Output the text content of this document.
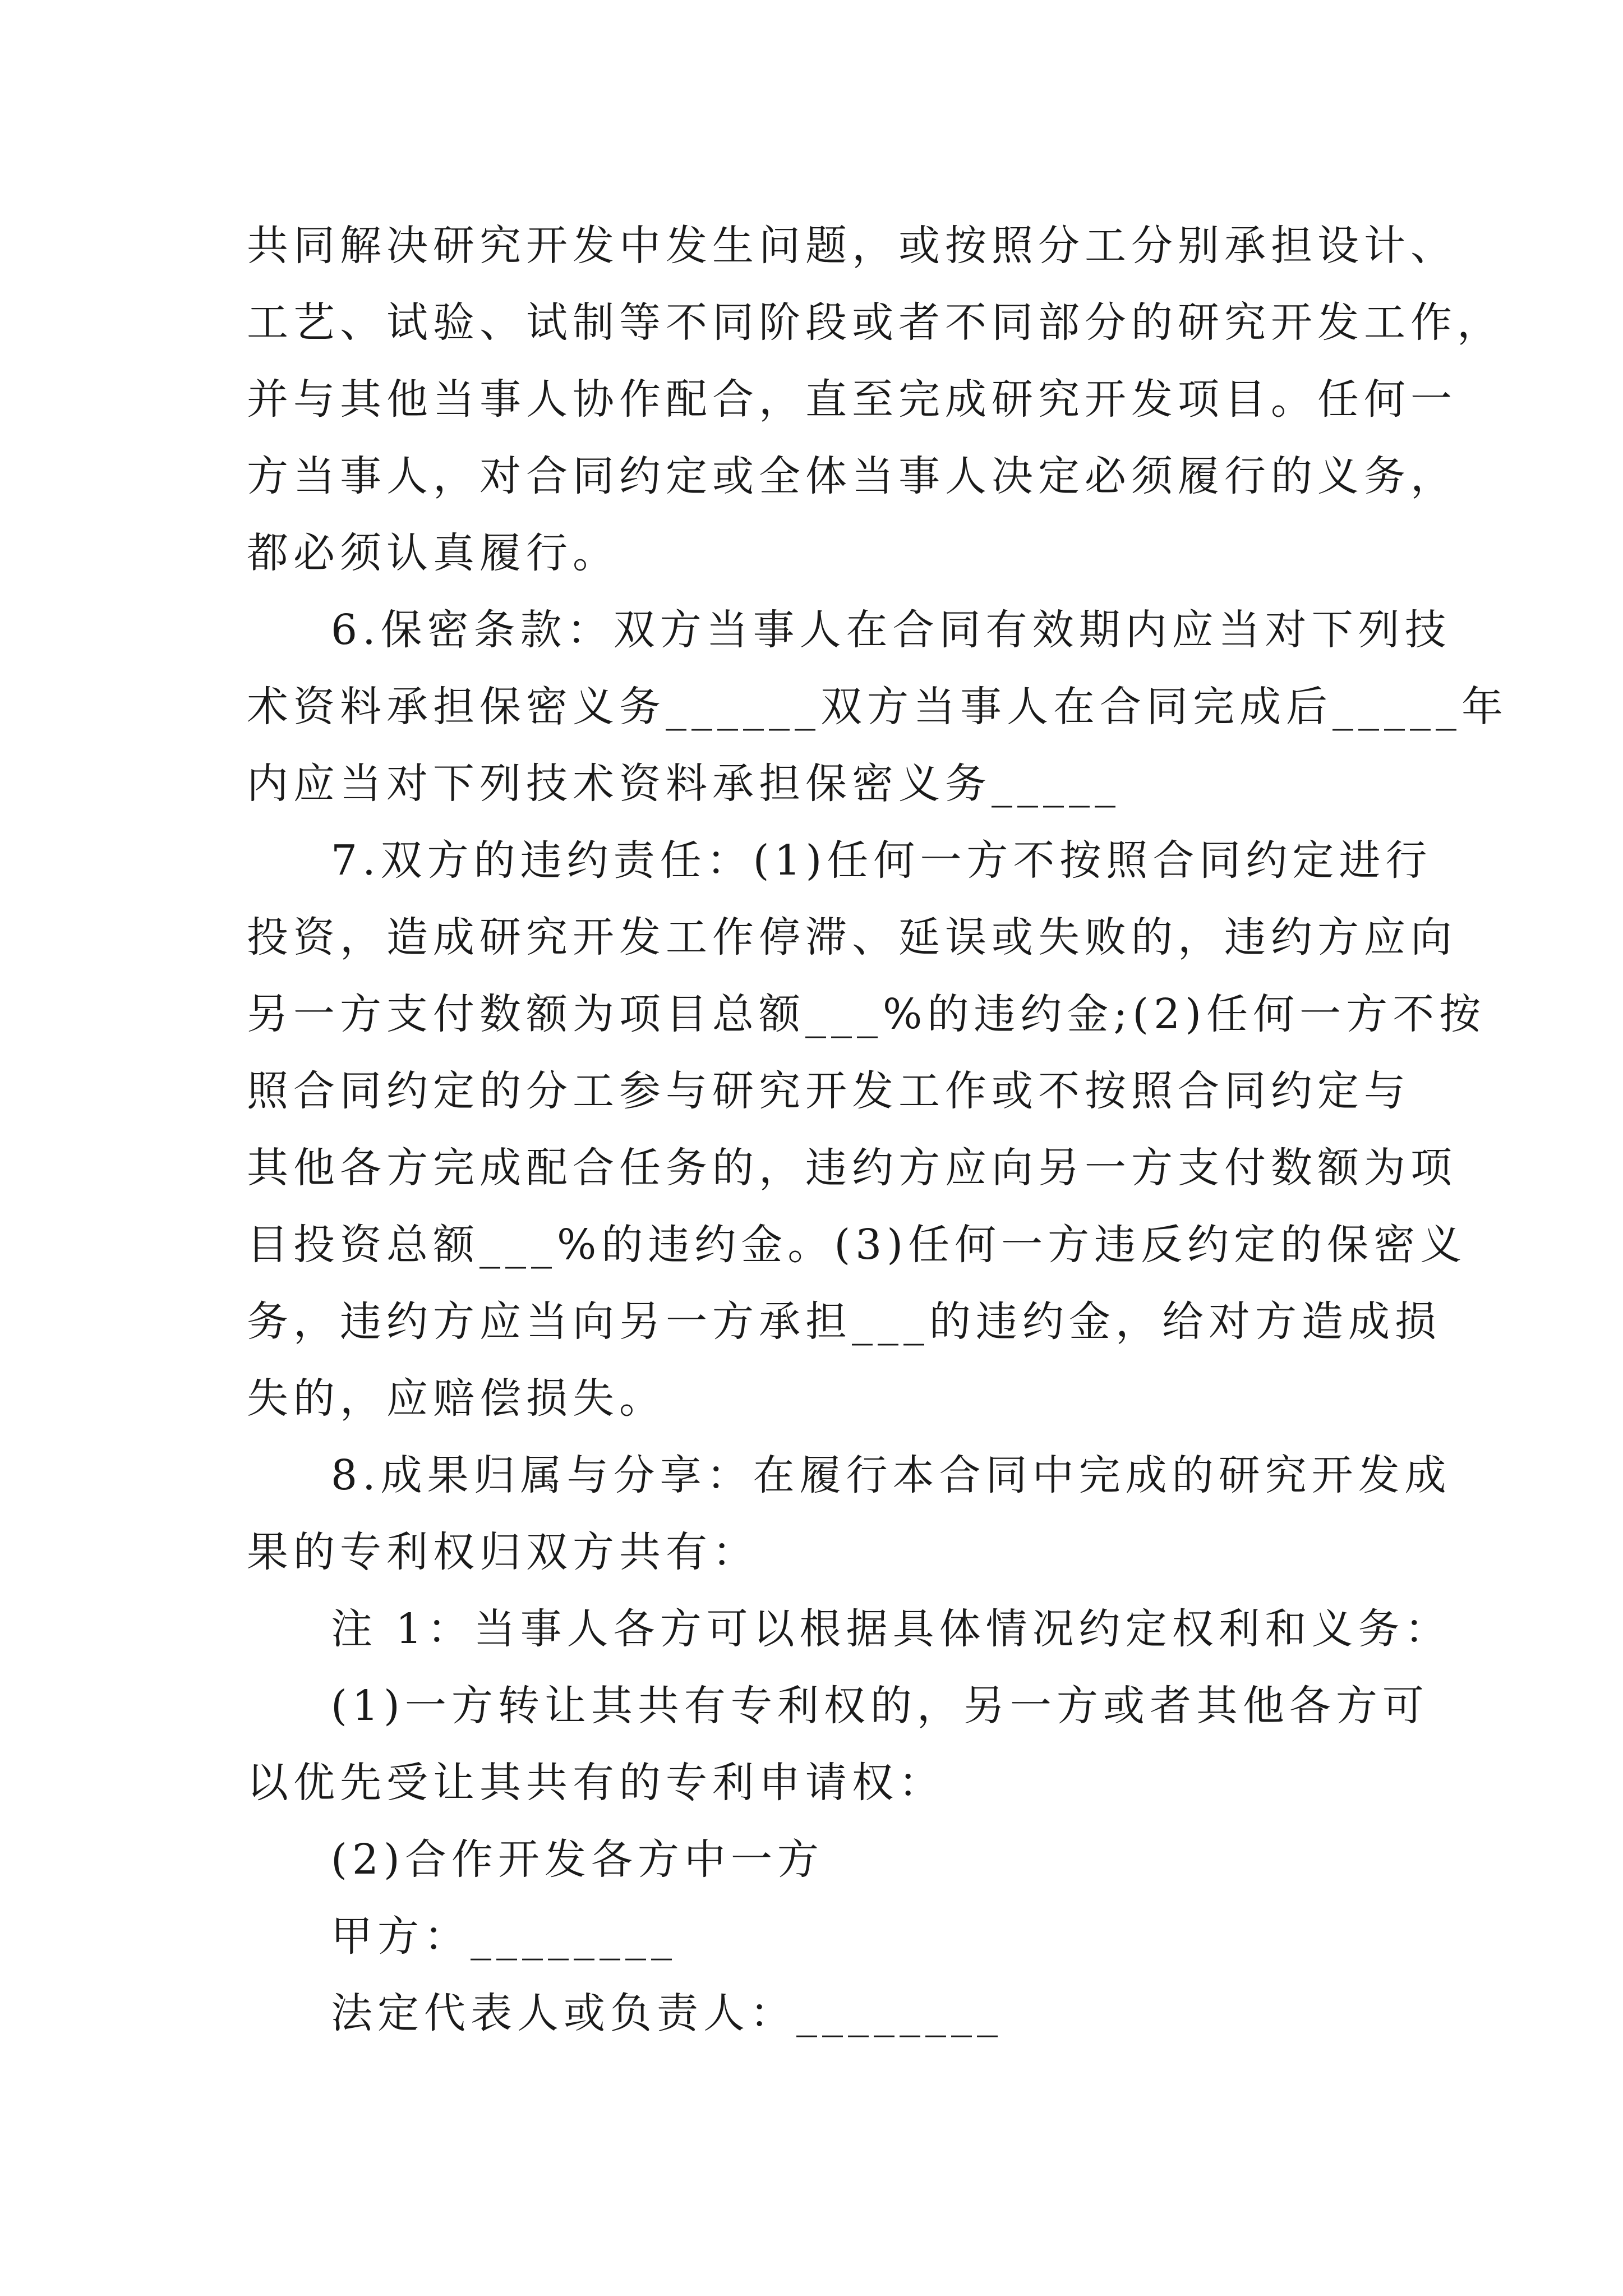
共同解决研究开发中发生问题，或按照分工分别承担设计、
工艺、试验、试制等不同阶段或者不同部分的研究开发工作，
并与其他当事人协作配合，直至完成研究开发项目。任何一
方当事人，对合同约定或全体当事人决定必须履行的义务，
都必须认真履行。
6.保密条款：双方当事人在合同有效期内应当对下列技
术资料承担保密义务______双方当事人在合同完成后_____年
内应当对下列技术资料承担保密义务_____
7.双方的违约责任：(1)任何一方不按照合同约定进行
投资，造成研究开发工作停滞、延误或失败的，违约方应向
另一方支付数额为项目总额___%的违约金;(2)任何一方不按
照合同约定的分工参与研究开发工作或不按照合同约定与
其他各方完成配合任务的，违约方应向另一方支付数额为项
目投资总额___%的违约金。(3)任何一方违反约定的保密义
务，违约方应当向另一方承担___的违约金，给对方造成损
失的，应赔偿损失。
8.成果归属与分享：在履行本合同中完成的研究开发成
果的专利权归双方共有：
注 1：当事人各方可以根据具体情况约定权利和义务：
(1)一方转让其共有专利权的，另一方或者其他各方可
以优先受让其共有的专利申请权：
(2)合作开发各方中一方
甲方：________
法定代表人或负责人：________
